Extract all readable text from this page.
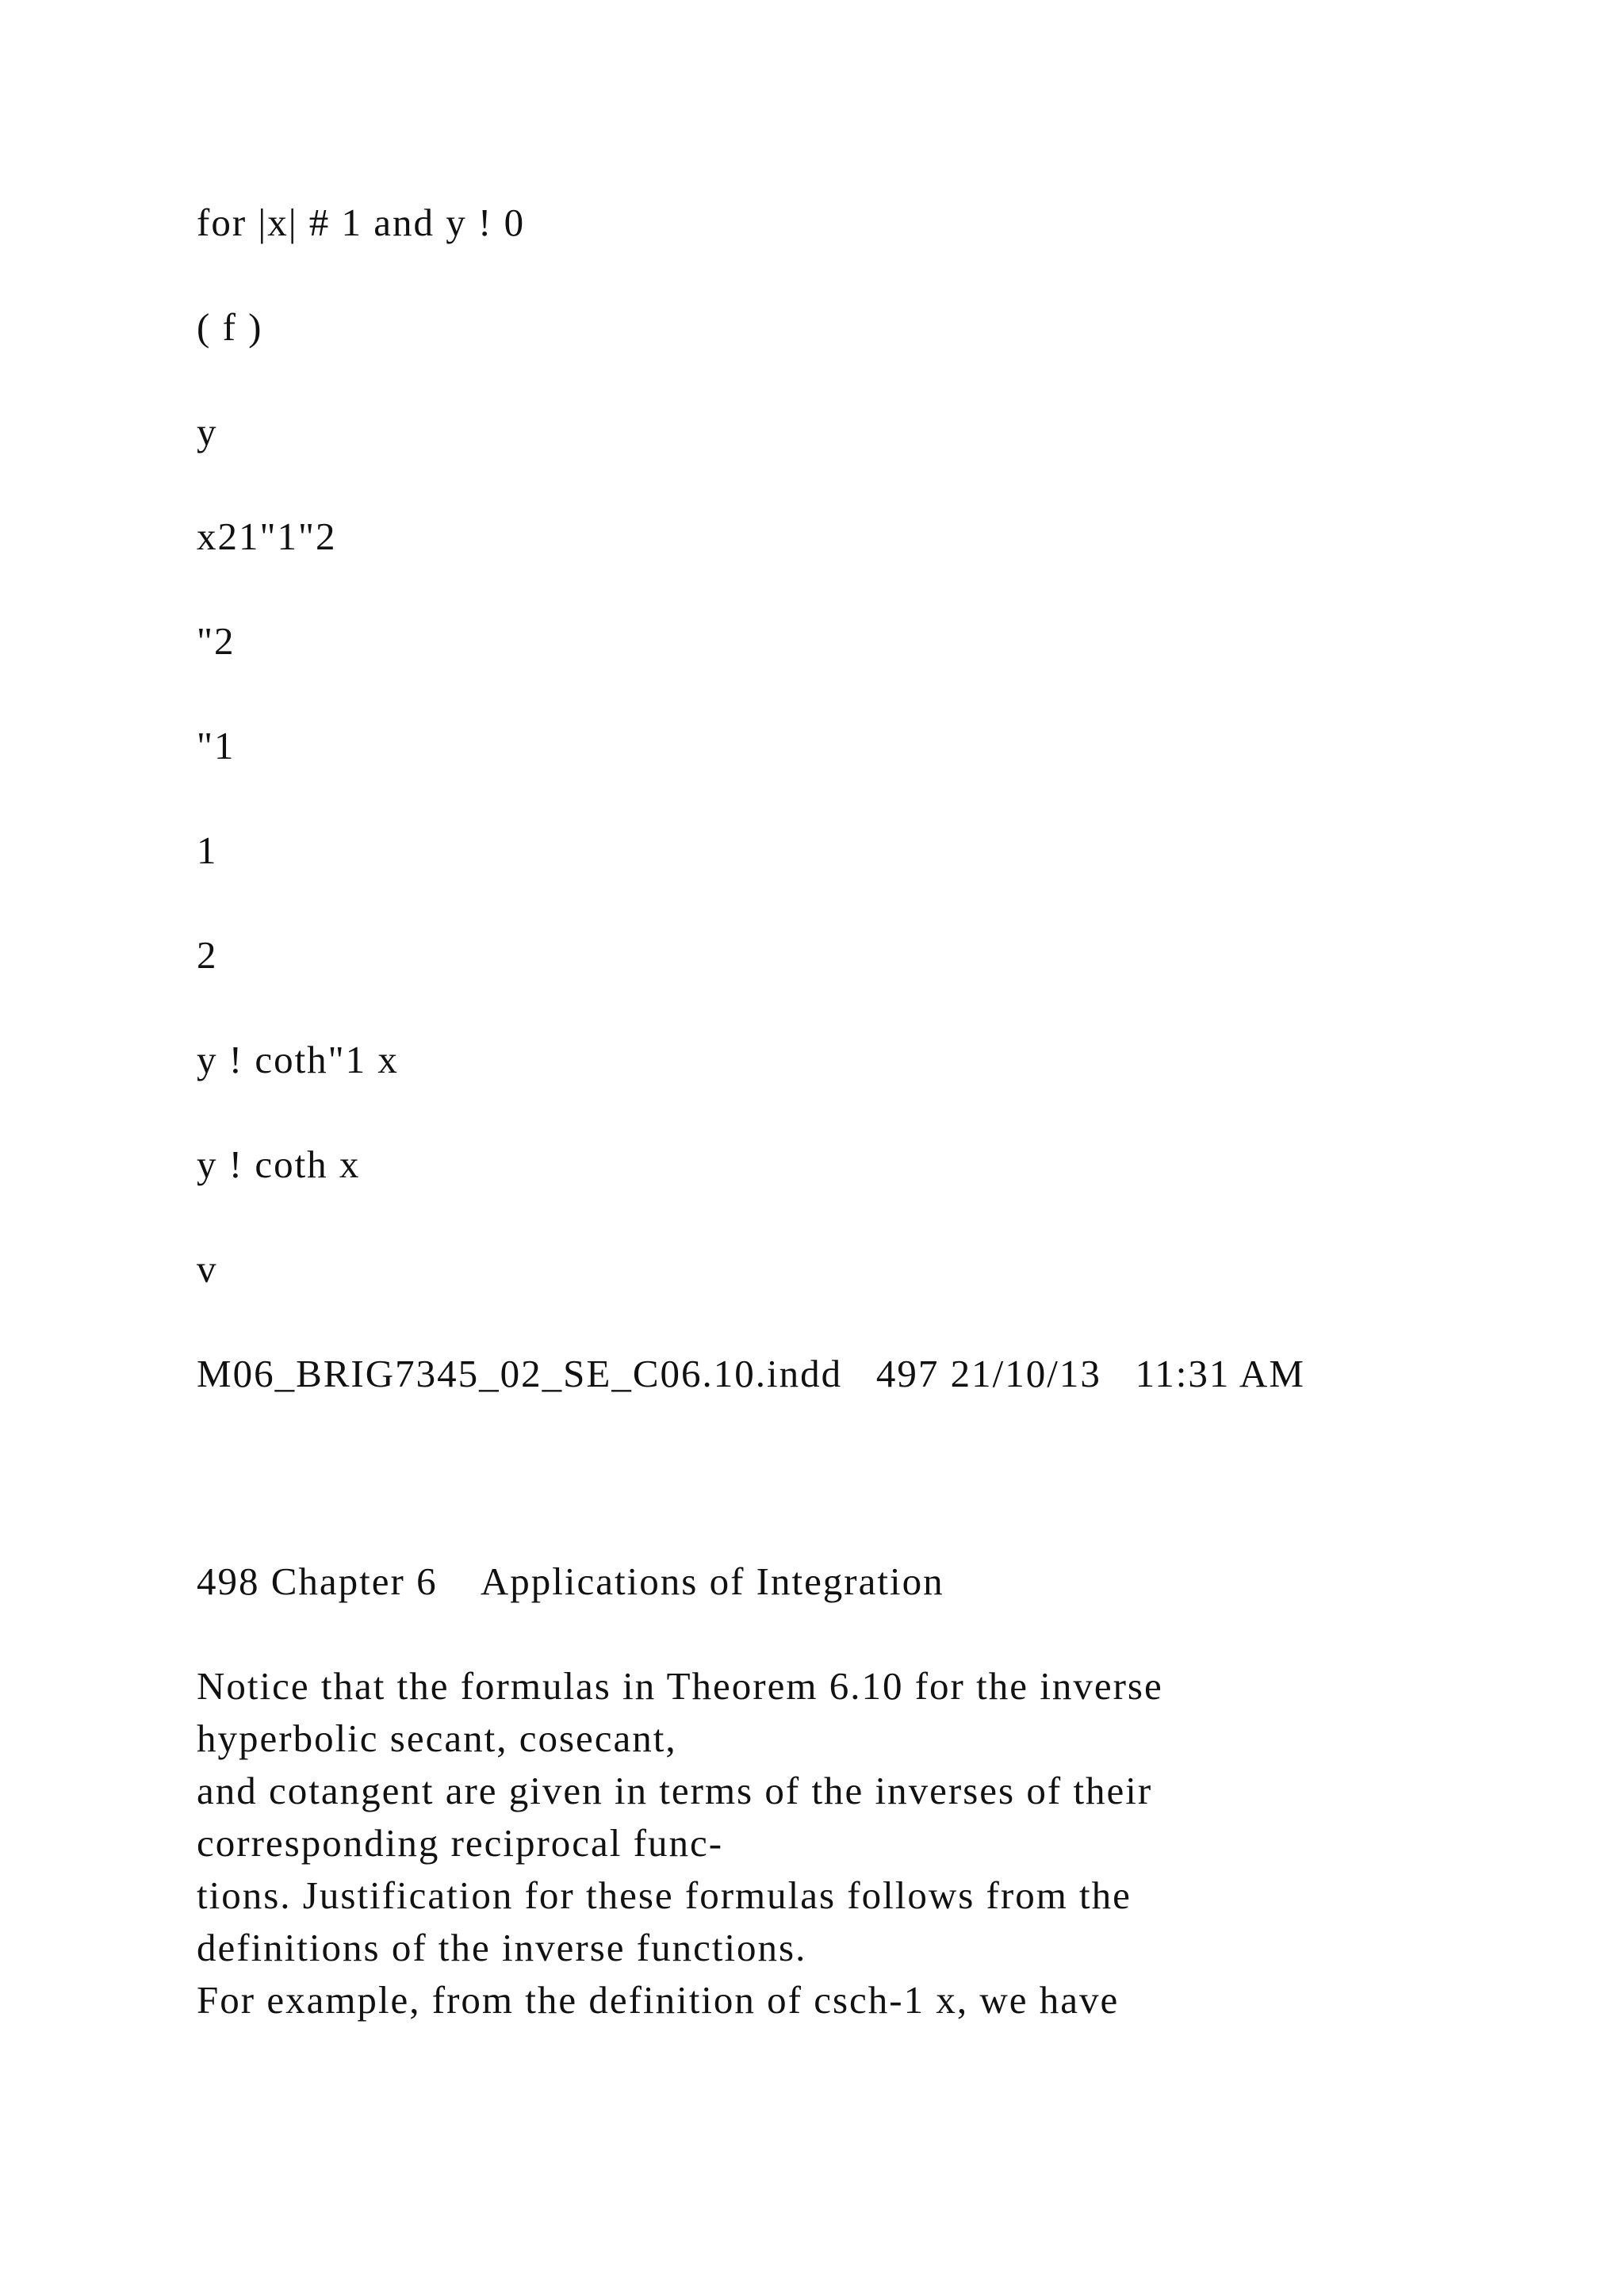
for |x| # 1 and y ! 0

( f )

y

x21"1"2

"2

"1

1

2

y ! coth"1 x

y ! coth x

v

M06_BRIG7345_02_SE_C06.10.indd   497 21/10/13   11:31 AM

498 Chapter 6    Applications of Integration

Notice that the formulas in Theorem 6.10 for the inverse
hyperbolic secant, cosecant,
and cotangent are given in terms of the inverses of their
corresponding reciprocal func-
tions. Justification for these formulas follows from the
definitions of the inverse functions.
For example, from the definition of csch-1 x, we have
